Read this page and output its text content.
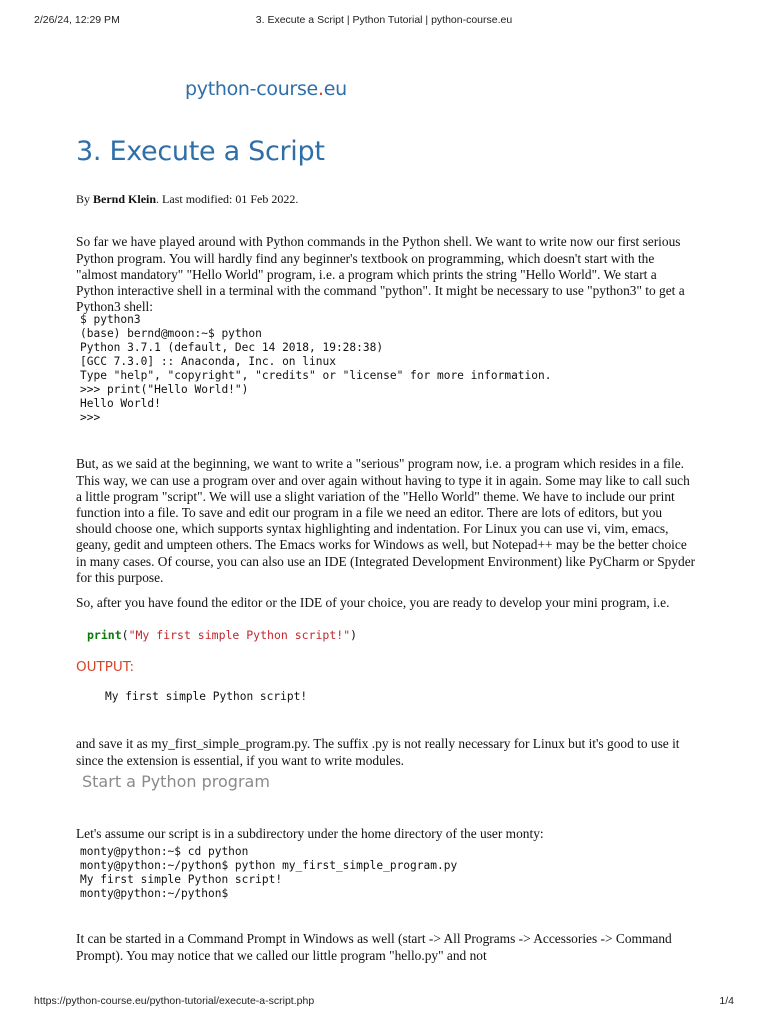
2/26/24, 12:29 PM	3. Execute a Script | Python Tutorial | python-course.eu
python-course.eu
3. Execute a Script
By Bernd Klein. Last modified: 01 Feb 2022.

So far we have played around with Python commands in the Python shell. We want to write now our first serious Python program. You will hardly find any beginner's textbook on programming, which doesn't start with the "almost mandatory" "Hello World" program, i.e. a program which prints the string "Hello World". We start a Python interactive shell in a terminal with the command "python". It might be necessary to use "python3" to get a Python3 shell:

$ python3
(base) bernd@moon:~$ python
Python 3.7.1 (default, Dec 14 2018, 19:28:38)
[GCC 7.3.0] :: Anaconda, Inc. on linux
Type "help", "copyright", "credits" or "license" for more information.
>>> print("Hello World!")
Hello World!
>>>

But, as we said at the beginning, we want to write a "serious" program now, i.e. a program which resides in a file. This way, we can use a program over and over again without having to type it in again. Some may like to call such a little program "script". We will use a slight variation of the "Hello World" theme. We have to include our print function into a file. To save and edit our program in a file we need an editor. There are lots of editors, but you should choose one, which supports syntax highlighting and indentation. For Linux you can use vi, vim, emacs, geany, gedit and umpteen others. The Emacs works for Windows as well, but Notepad++ may be the better choice in many cases. Of course, you can also use an IDE (Integrated Development Environment) like PyCharm or Spyder for this purpose.

So, after you have found the editor or the IDE of your choice, you are ready to develop your mini program, i.e.

print("My first simple Python script!")
OUTPUT:
My first simple Python script!

and save it as my_first_simple_program.py. The suffix .py is not really necessary for Linux but it's good to use it since the extension is essential, if you want to write modules.

Start a Python program

Let's assume our script is in a subdirectory under the home directory of the user monty:

monty@python:~$ cd python
monty@python:~/python$ python my_first_simple_program.py
My first simple Python script!
monty@python:~/python$

It can be started in a Command Prompt in Windows as well (start -> All Programs -> Accessories -> Command Prompt). You may notice that we called our little program "hello.py" and not

https://python-course.eu/python-tutorial/execute-a-script.php	1/4
